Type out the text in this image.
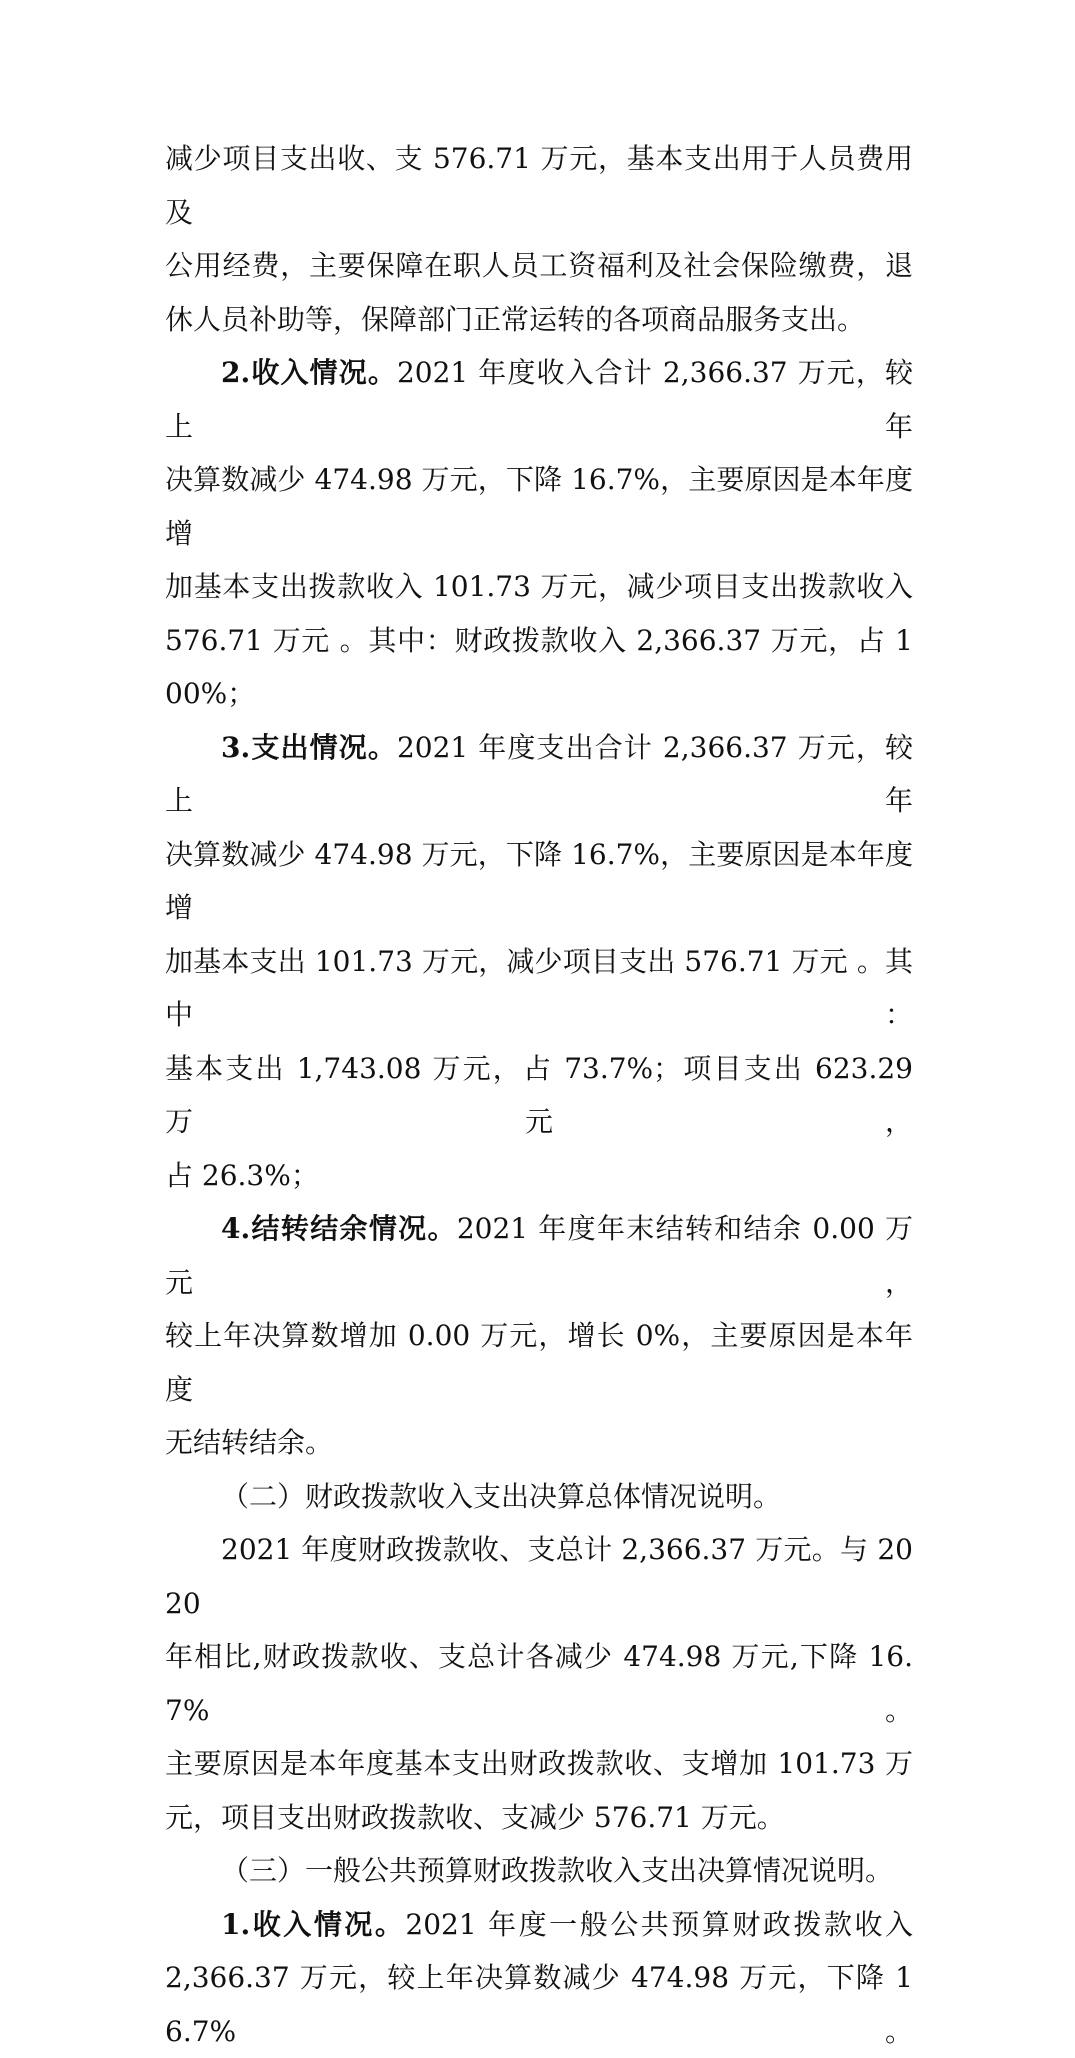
减少项目支出收、支 576.71 万元，基本支出用于人员费用及

公用经费，主要保障在职人员工资福利及社会保险缴费，退

休人员补助等，保障部门正常运转的各项商品服务支出。

2.收入情况。2021 年度收入合计 2,366.37 万元，较上年

决算数减少 474.98 万元，下降 16.7%，主要原因是本年度增

加基本支出拨款收入 101.73 万元，减少项目支出拨款收入

576.71 万元 。其中：财政拨款收入 2,366.37 万元，占 100%；

3.支出情况。2021 年度支出合计 2,366.37 万元，较上年

决算数减少 474.98 万元，下降 16.7%，主要原因是本年度增

加基本支出 101.73 万元，减少项目支出 576.71 万元 。其中：

基本支出 1,743.08 万元，占 73.7%；项目支出 623.29 万元，

占 26.3%；

4.结转结余情况。2021 年度年末结转和结余 0.00 万元，

较上年决算数增加 0.00 万元，增长 0%，主要原因是本年度

无结转结余。

（二）财政拨款收入支出决算总体情况说明。

2021 年度财政拨款收、支总计 2,366.37 万元。与 2020

年相比,财政拨款收、支总计各减少 474.98 万元,下降 16.7%。

主要原因是本年度基本支出财政拨款收、支增加 101.73 万

元，项目支出财政拨款收、支减少 576.71 万元。

（三）一般公共预算财政拨款收入支出决算情况说明。

1.收入情况。2021 年度一般公共预算财政拨款收入

2,366.37 万元，较上年决算数减少 474.98 万元，下降 16.7%。
